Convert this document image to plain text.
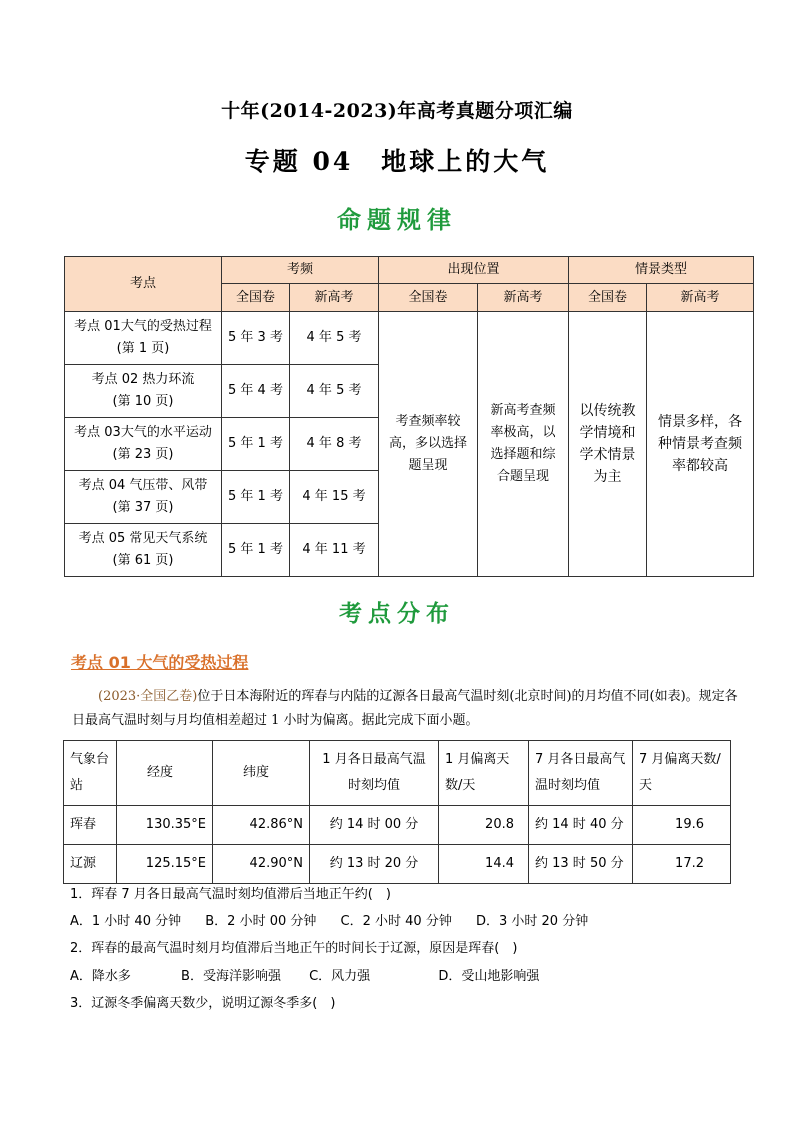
十年(2014-2023)年高考真题分项汇编
专题 04　地球上的大气
命题规律
考点	考频		出现位置		情景类型	
	全国卷	新高考	全国卷	新高考	全国卷	新高考
考点 01大气的受热过程
(第 1 页)	5 年 3 考	4 年 5 考	考查频率较高，多以选择题呈现	新高考查频率极高，以选择题和综合题呈现	以传统教学情境和学术情景为主	情景多样，各种情景考查频率都较高
考点 02 热力环流
(第 10 页)	5 年 4 考	4 年 5 考				
考点 03大气的水平运动
(第 23 页)	5 年 1 考	4 年 8 考				
考点 04 气压带、风带
(第 37 页)	5 年 1 考	4 年 15 考				
考点 05 常见天气系统
(第 61 页)	5 年 1 考	4 年 11 考				
考点分布
考点 01 大气的受热过程
(2023·全国乙卷)位于日本海附近的珲春与内陆的辽源各日最高气温时刻(北京时间)的月均值不同(如表)。规定各日最高气温时刻与月均值相差超过 1 小时为偏离。据此完成下面小题。
气象台站	经度	纬度	1 月各日最高气温时刻均值	1 月偏离天数/天	7 月各日最高气温时刻均值	7 月偏离天数/天
珲春	130.35°E	42.86°N	约 14 时 00 分	20.8	约 14 时 40 分	19.6
辽源	125.15°E	42.90°N	约 13 时 20 分	14.4	约 13 时 50 分	17.2
1．珲春 7 月各日最高气温时刻均值滞后当地正午约(　)
A．1 小时 40 分钟 B．2 小时 00 分钟 C．2 小时 40 分钟 D．3 小时 20 分钟
2．珲春的最高气温时刻月均值滞后当地正午的时间长于辽源，原因是珲春(　)
A．降水多	B．受海洋影响强 C．风力强	D．受山地影响强
3．辽源冬季偏离天数少，说明辽源冬季多(　)
